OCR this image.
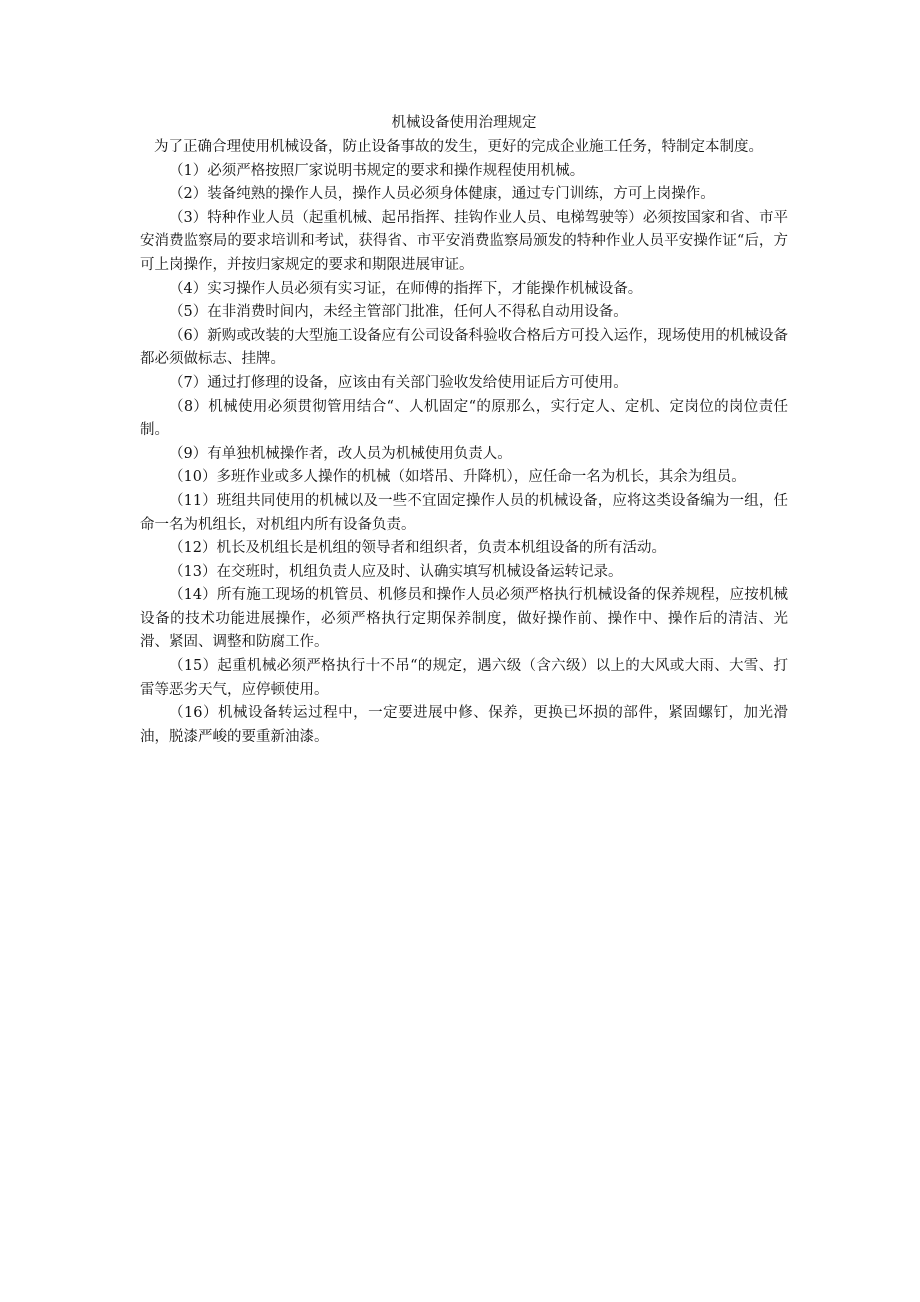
机械设备使用治理规定

为了正确合理使用机械设备，防止设备事故的发生，更好的完成企业施工任务，特制定本制度。

（1）必须严格按照厂家说明书规定的要求和操作规程使用机械。

（2）装备纯熟的操作人员，操作人员必须身体健康，通过专门训练，方可上岗操作。

（3）特种作业人员（起重机械、起吊指挥、挂钩作业人员、电梯驾驶等）必须按国家和省、市平安消费监察局的要求培训和考试，获得省、市平安消费监察局颁发的特种作业人员平安操作证“后，方可上岗操作，并按归家规定的要求和期限进展审证。

（4）实习操作人员必须有实习证，在师傅的指挥下，才能操作机械设备。

（5）在非消费时间内，未经主管部门批准，任何人不得私自动用设备。

（6）新购或改装的大型施工设备应有公司设备科验收合格后方可投入运作，现场使用的机械设备都必须做标志、挂牌。

（7）通过打修理的设备，应该由有关部门验收发给使用证后方可使用。

（8）机械使用必须贯彻管用结合“、人机固定“的原那么，实行定人、定机、定岗位的岗位责任制。

（9）有单独机械操作者，改人员为机械使用负责人。

（10）多班作业或多人操作的机械（如塔吊、升降机），应任命一名为机长，其余为组员。

（11）班组共同使用的机械以及一些不宜固定操作人员的机械设备，应将这类设备编为一组，任命一名为机组长，对机组内所有设备负责。

（12）机长及机组长是机组的领导者和组织者，负责本机组设备的所有活动。

（13）在交班时，机组负责人应及时、认确实填写机械设备运转记录。

（14）所有施工现场的机管员、机修员和操作人员必须严格执行机械设备的保养规程，应按机械设备的技术功能进展操作，必须严格执行定期保养制度，做好操作前、操作中、操作后的清洁、光滑、紧固、调整和防腐工作。

（15）起重机械必须严格执行十不吊“的规定，遇六级（含六级）以上的大风或大雨、大雪、打雷等恶劣天气，应停顿使用。

（16）机械设备转运过程中，一定要进展中修、保养，更换已坏损的部件，紧固螺钉，加光滑油，脱漆严峻的要重新油漆。
